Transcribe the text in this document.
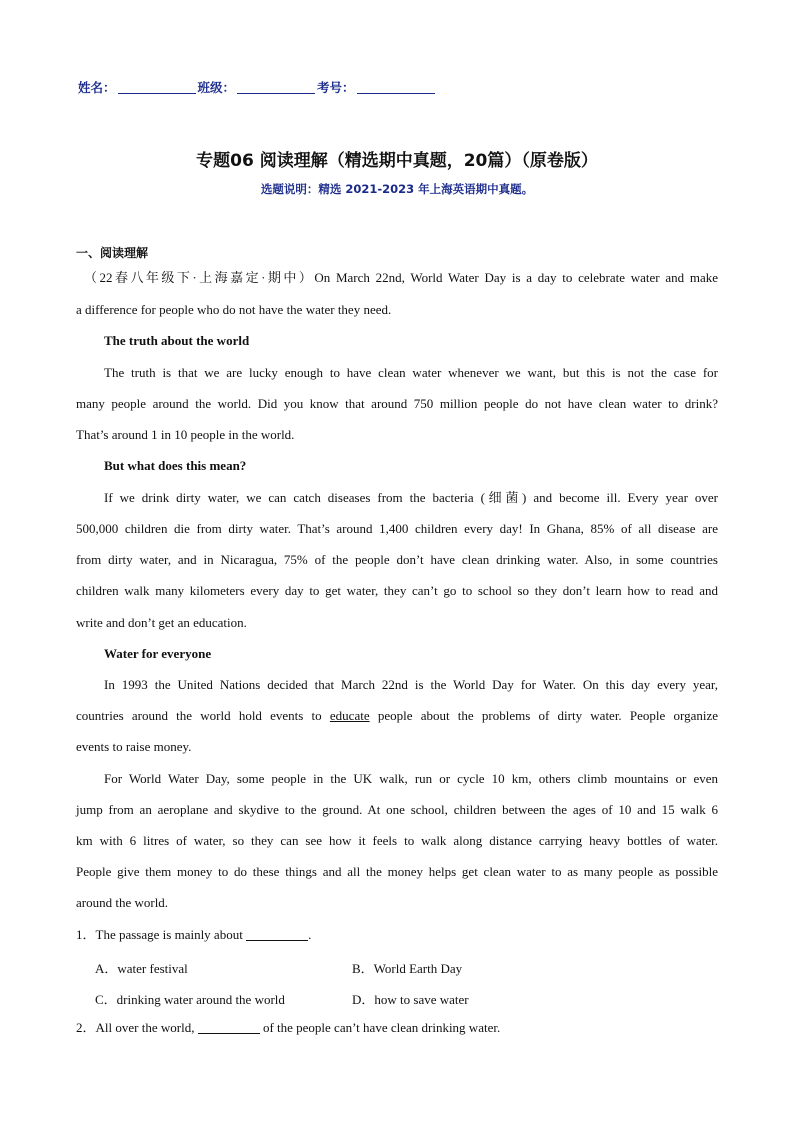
姓名：	班级：	考号：
专题06 阅读理解（精选期中真题，20篇）（原卷版）
选题说明：精选 2021-2023 年上海英语期中真题。
一、阅读理解
（22春八年级下·上海嘉定·期中）On March 22nd, World Water Day is a day to celebrate water and make
a difference for people who do not have the water they need.
The truth about the world
The truth is that we are lucky enough to have clean water whenever we want, but this is not the case for
many people around the world. Did you know that around 750 million people do not have clean water to drink?
That’s around 1 in 10 people in the world.
But what does this mean?
If we drink dirty water, we can catch diseases from the bacteria (细菌) and become ill. Every year over
500,000 children die from dirty water. That’s around 1,400 children every day! In Ghana, 85% of all disease are
from dirty water, and in Nicaragua, 75% of the people don’t have clean drinking water. Also, in some countries
children walk many kilometers every day to get water, they can’t go to school so they don’t learn how to read and
write and don’t get an education.
Water for everyone
In 1993 the United Nations decided that March 22nd is the World Day for Water. On this day every year,
countries around the world hold events to educate people about the problems of dirty water. People organize
events to raise money.
For World Water Day, some people in the UK walk, run or cycle 10 km, others climb mountains or even
jump from an aeroplane and skydive to the ground. At one school, children between the ages of 10 and 15 walk 6
km with 6 litres of water, so they can see how it feels to walk along distance carrying heavy bottles of water.
People give them money to do these things and all the money helps get clean water to as many people as possible
around the world.
1．The passage is mainly about	.
A．water festival	B．World Earth Day
C．drinking water around the world	D．how to save water
2．All over the world,	of the people can’t have clean drinking water.
